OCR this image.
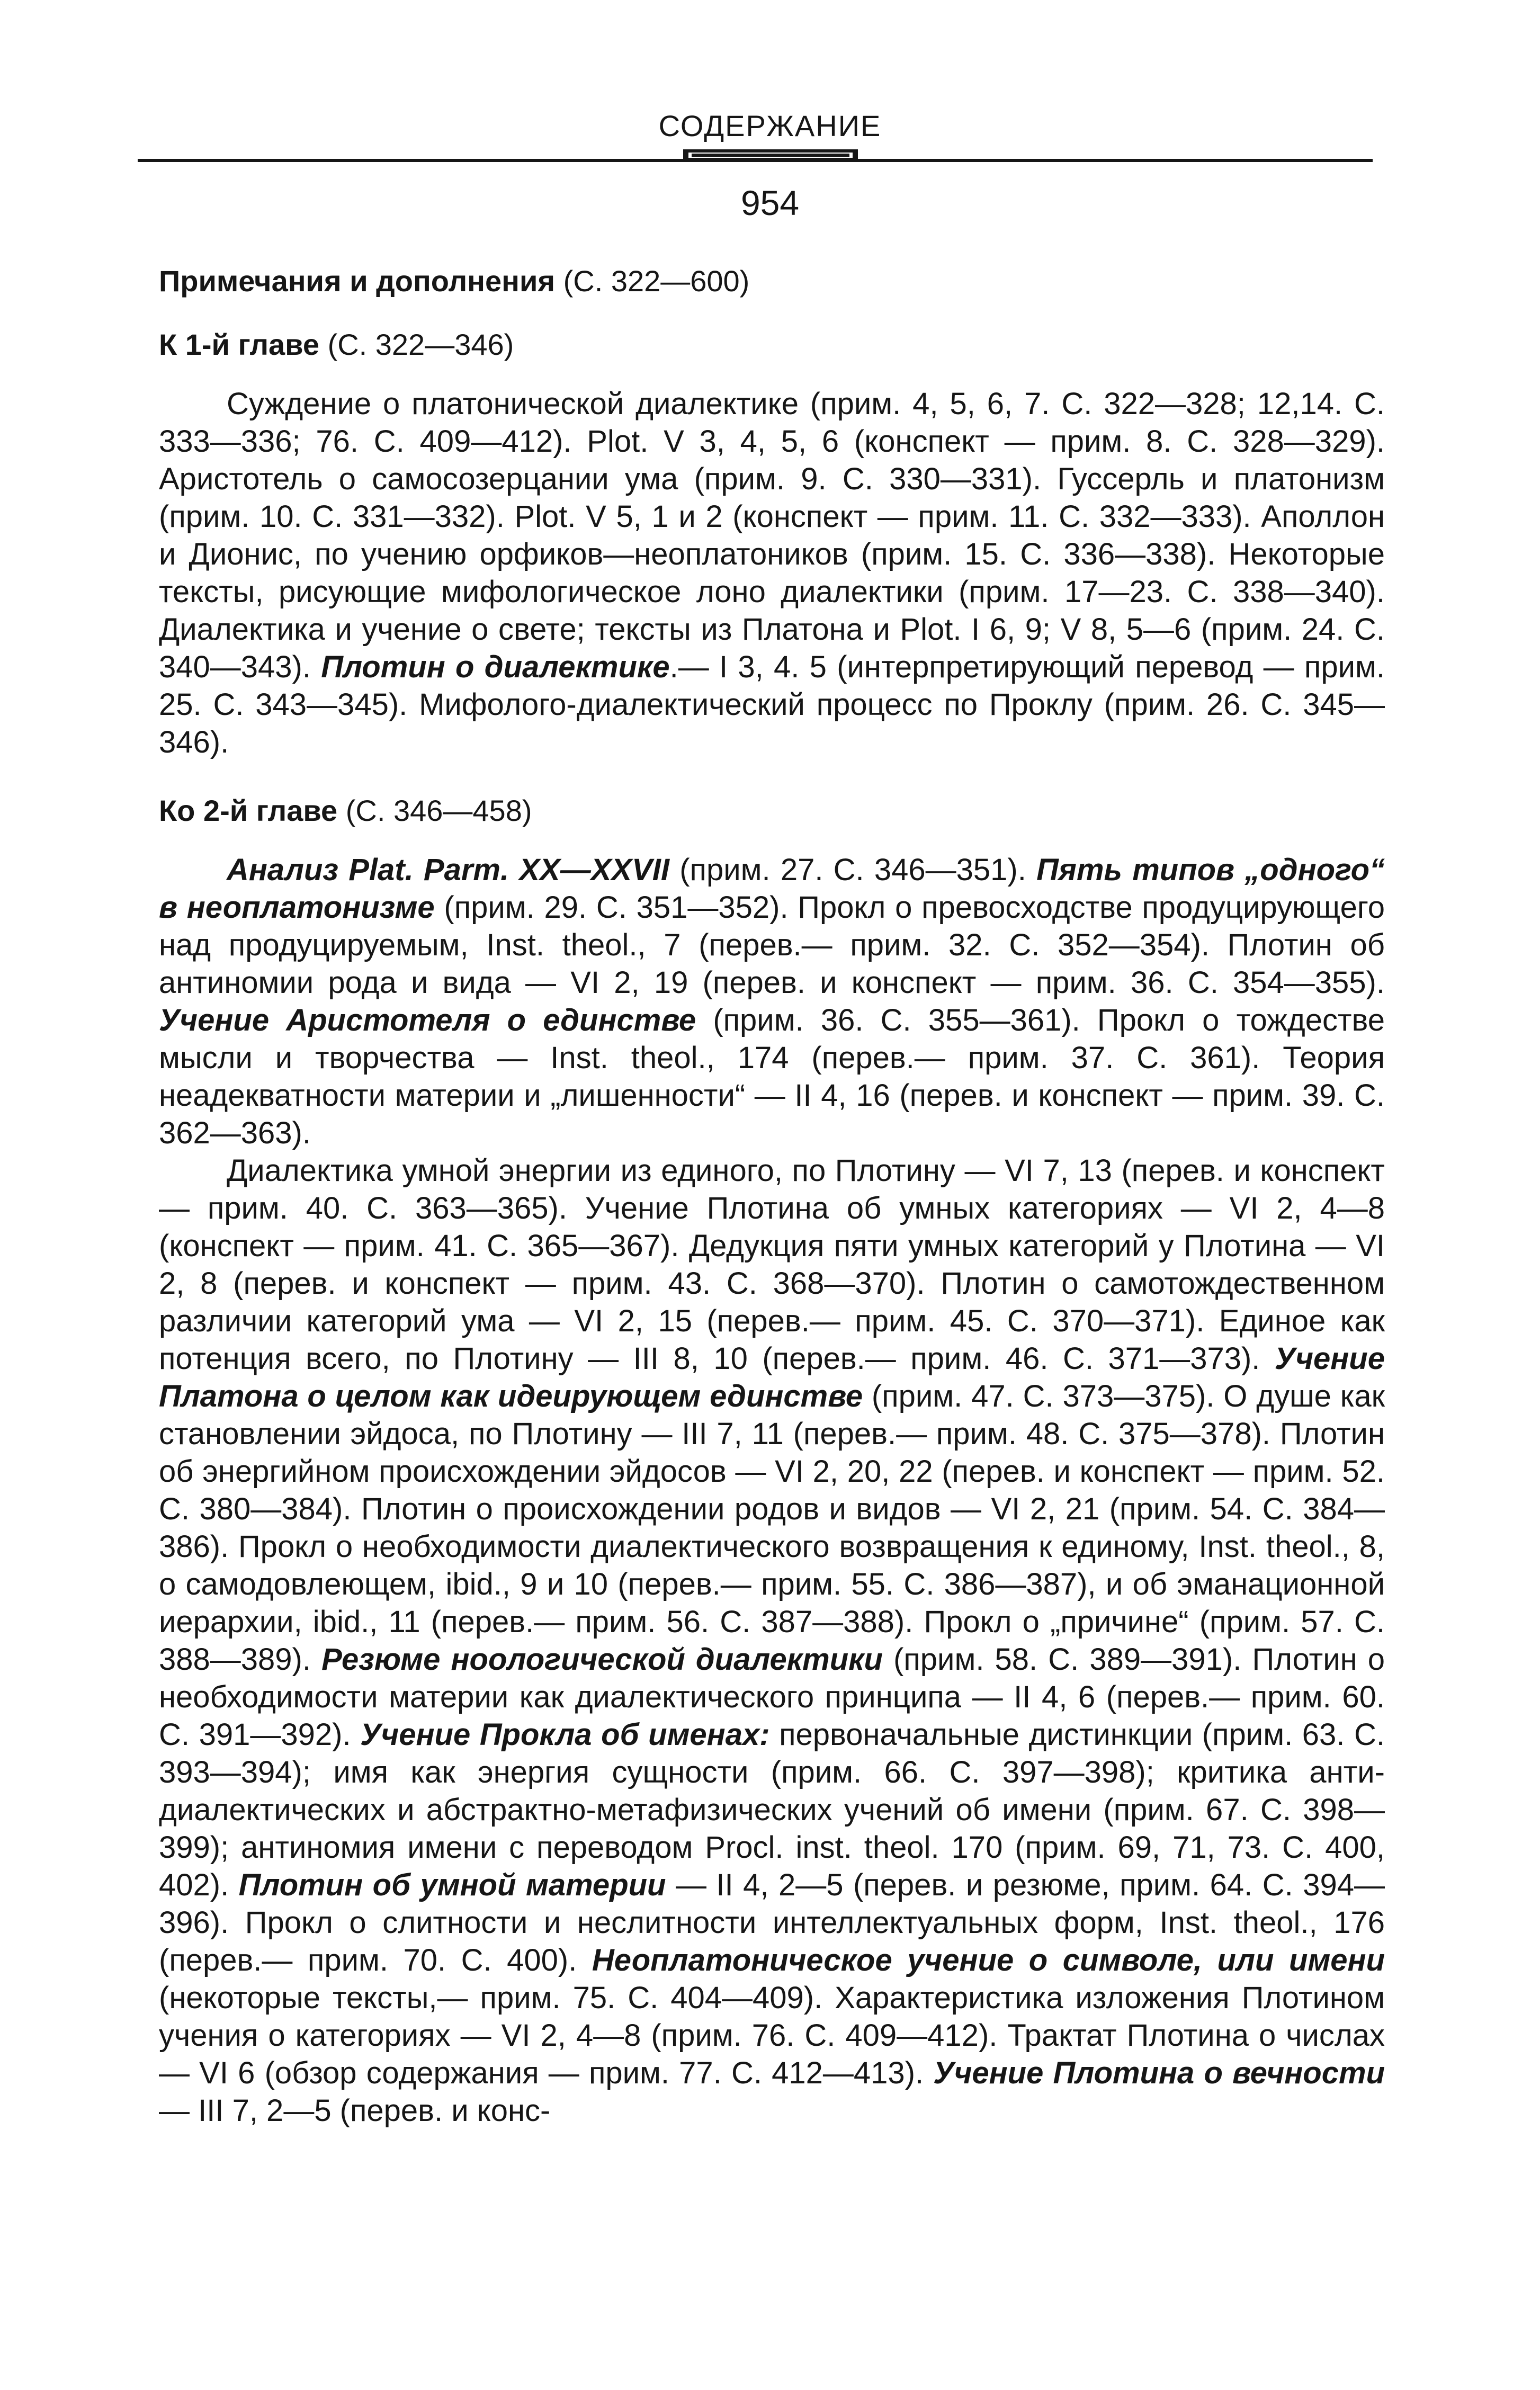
СОДЕРЖАНИЕ
954
Примечания и дополнения (С. 322—600)
К 1-й главе (С. 322—346)

Суждение о платонической диалектике (прим. 4, 5, 6, 7. С. 322—328; 12,14. С. 333—336; 76. С. 409—412). Plot. V 3, 4, 5, 6 (конспект — прим. 8. С. 328—329). Аристотель о самосозерцании ума (прим. 9. С. 330—331). Гуссерль и платонизм (прим. 10. С. 331—332). Plot. V 5, 1 и 2 (конспект — прим. 11. С. 332—333). Аполлон и Дионис, по учению орфиков—неоплатоников (прим. 15. С. 336—338). Некоторые тексты, рисующие мифологическое лоно диалектики (прим. 17—23. С. 338—340). Диалектика и учение о свете; тексты из Платона и Plot. I 6, 9; V 8, 5—6 (прим. 24. С. 340—343). Плотин о диалектике.— I 3, 4. 5 (интерпретирующий перевод — прим. 25. С. 343—345). Мифолого-диалектический процесс по Проклу (прим. 26. С. 345—346).

Ко 2-й главе (С. 346—458)

Анализ Plat. Parm. XX—XXVII (прим. 27. С. 346—351). Пять типов „одного“ в неоплатонизме (прим. 29. С. 351—352). Прокл о превосходстве продуцирующего над продуцируемым, Inst. theol., 7 (перев.— прим. 32. С. 352—354). Плотин об антиномии рода и вида — VI 2, 19 (перев. и конспект — прим. 36. С. 354—355). Учение Аристотеля о единстве (прим. 36. С. 355—361). Прокл о тождестве мысли и творчества — Inst. theol., 174 (перев.— прим. 37. С. 361). Теория неадекватности материи и „лишенности“ — II 4, 16 (перев. и конспект — прим. 39. С. 362—363).

Диалектика умной энергии из единого, по Плотину — VI 7, 13 (перев. и конспект — прим. 40. С. 363—365). Учение Плотина об умных категориях — VI 2, 4—8 (конспект — прим. 41. С. 365—367). Дедукция пяти умных категорий у Плотина — VI 2, 8 (перев. и конспект — прим. 43. С. 368—370). Плотин о самотождественном различии категорий ума — VI 2, 15 (перев.— прим. 45. С. 370—371). Единое как потенция всего, по Плотину — III 8, 10 (перев.— прим. 46. С. 371—373). Учение Платона о целом как идеирующем единстве (прим. 47. С. 373—375). О душе как становлении эйдоса, по Плотину — III 7, 11 (перев.— прим. 48. С. 375—378). Плотин об энергийном происхождении эйдосов — VI 2, 20, 22 (перев. и конспект — прим. 52. С. 380—384). Плотин о происхождении родов и видов — VI 2, 21 (прим. 54. С. 384—386). Прокл о необходимости диалектического возвращения к единому, Inst. theol., 8, о самодовлеющем, ibid., 9 и 10 (перев.— прим. 55. С. 386—387), и об эманационной иерархии, ibid., 11 (перев.— прим. 56. С. 387—388). Прокл о „причине“ (прим. 57. С. 388—389). Резюме ноологической диалектики (прим. 58. С. 389—391). Плотин о необходимости материи как диалектического принципа — II 4, 6 (перев.— прим. 60. С. 391—392). Учение Прокла об именах: первоначальные дистинкции (прим. 63. С. 393—394); имя как энергия сущности (прим. 66. С. 397—398); критика анти-диалектических и абстрактно-метафизических учений об имени (прим. 67. С. 398—399); антиномия имени с переводом Procl. inst. theol. 170 (прим. 69, 71, 73. С. 400, 402). Плотин об умной материи — II 4, 2—5 (перев. и резюме, прим. 64. С. 394—396). Прокл о слитности и неслитности интеллектуальных форм, Inst. theol., 176 (перев.— прим. 70. С. 400). Неоплатоническое учение о символе, или имени (некоторые тексты,— прим. 75. С. 404—409). Характеристика изложения Плотином учения о категориях — VI 2, 4—8 (прим. 76. С. 409—412). Трактат Плотина о числах — VI 6 (обзор содержания — прим. 77. С. 412—413). Учение Плотина о вечности — III 7, 2—5 (перев. и конс-
